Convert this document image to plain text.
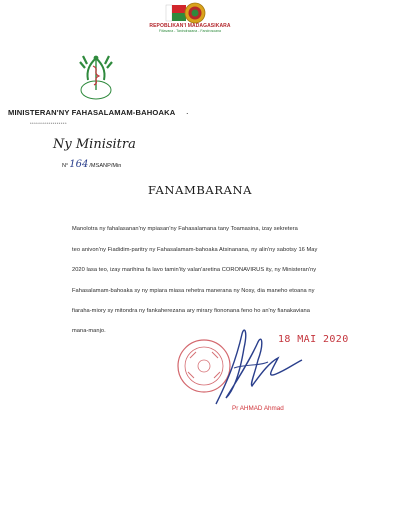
REPOBLIKAN'I MADAGASIKARA
Fitiavana - Tanindrazana - Fandrosoana
MINISTERAN'NY FAHASALAMAM-BAHOAKA .
******************
Ny Minisitra
N° 164 /MSANP/Min
FANAMBARANA
Manolotra ny fahalasanan'ny mpiasan'ny Fahasalamana tany Toamasina, izay sekretera
teo anivon'ny Fiadidim-paritry ny Fahasalamam-bahoaka Atsinanana, ny alin'ny sabotsy 16 May
2020 lasa teo, izay marihina fa lavo tamin'ity valan'aretina CORONAVIRUS ity, ny Ministeran'ny
Fahasalamam-bahoaka sy ny mpiara miasa rehetra manerana ny Nosy, dia maneho etoana ny
fiaraha-miory sy mitondra ny fankaherezana ary mirary fiononana feno ho an'ny fianakaviana
mana-manjo.
18 MAI 2020
Pr AHMAD Ahmad
